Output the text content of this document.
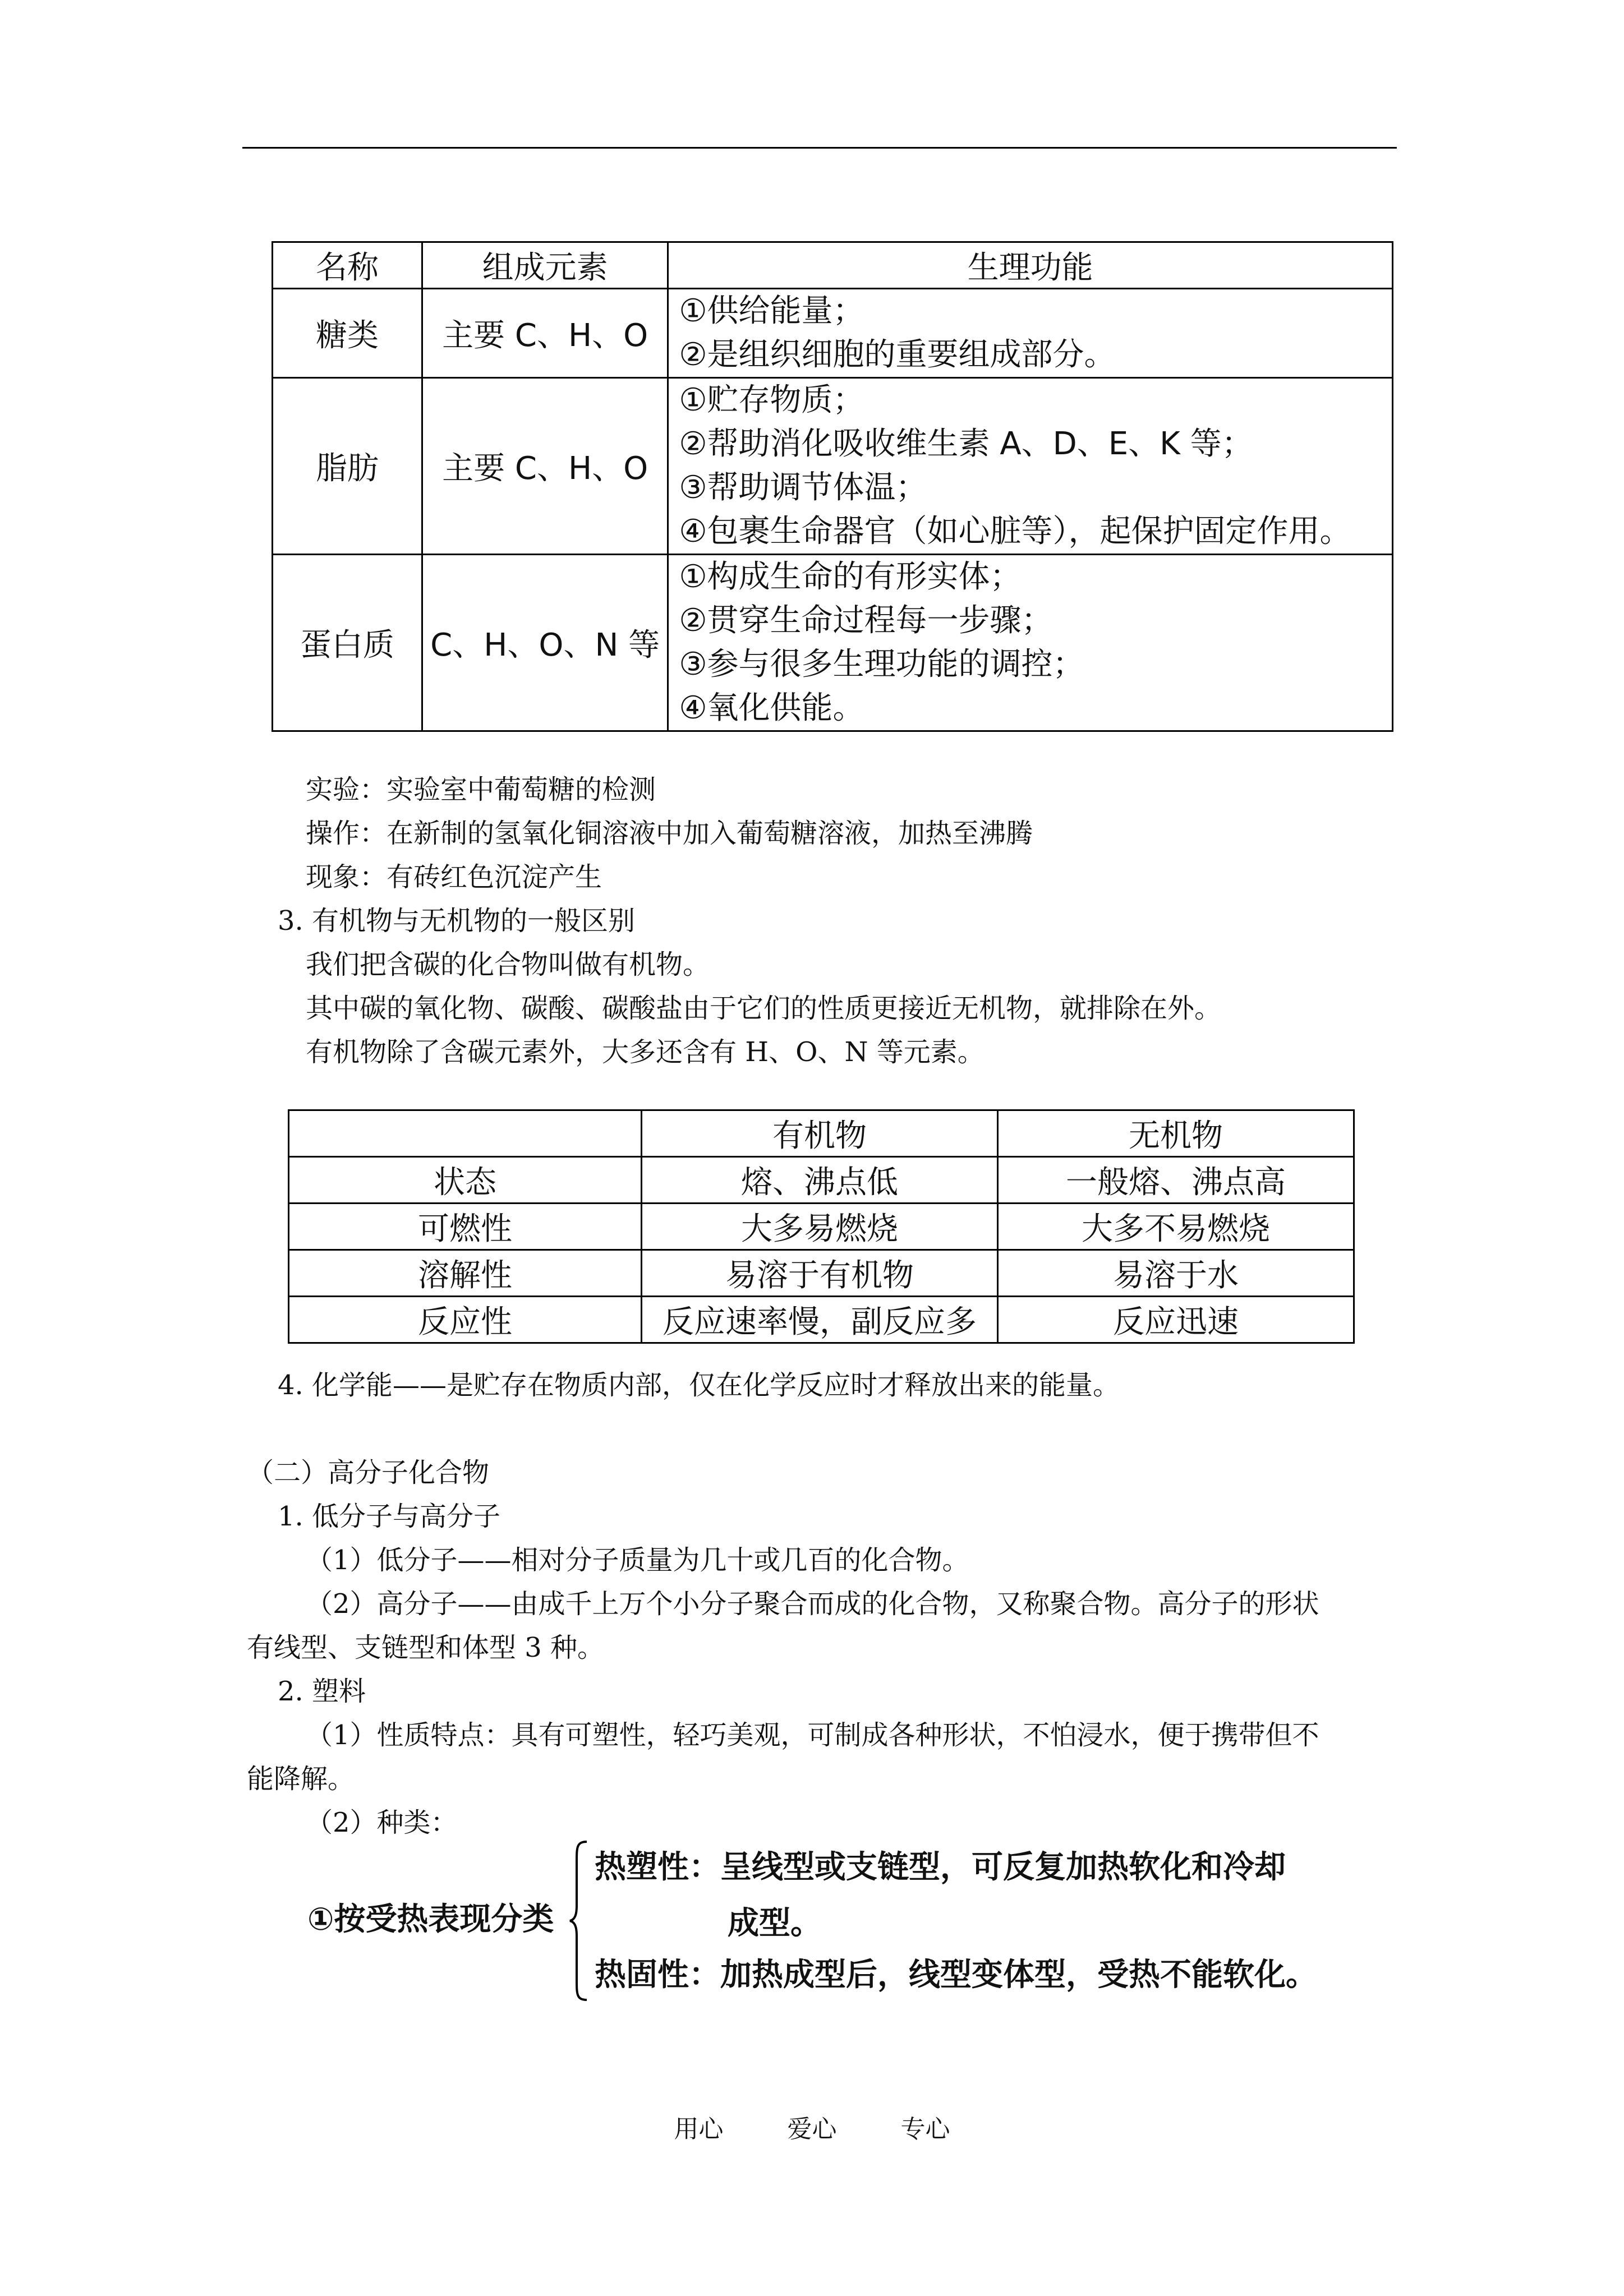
名称	组成元素	生理功能
糖类	主要 C、H、O	①供给能量；
②是组织细胞的重要组成部分。

脂肪	主要 C、H、O	①贮存物质；
②帮助消化吸收维生素 A、D、E、K 等；
③帮助调节体温；
④包裹生命器官（如心脏等），起保护固定作用。

蛋白质	C、H、O、N 等	①构成生命的有形实体；
②贯穿生命过程每一步骤；
③参与很多生理功能的调控；
④氧化供能。
实验：实验室中葡萄糖的检测
操作：在新制的氢氧化铜溶液中加入葡萄糖溶液，加热至沸腾
现象：有砖红色沉淀产生
3. 有机物与无机物的一般区别
我们把含碳的化合物叫做有机物。
其中碳的氧化物、碳酸、碳酸盐由于它们的性质更接近无机物，就排除在外。
有机物除了含碳元素外，大多还含有 H、O、N 等元素。
	有机物	无机物
状态	熔、沸点低	一般熔、沸点高
可燃性	大多易燃烧	大多不易燃烧
溶解性	易溶于有机物	易溶于水
反应性	反应速率慢，副反应多	反应迅速
4. 化学能——是贮存在物质内部，仅在化学反应时才释放出来的能量。
（二）高分子化合物
1. 低分子与高分子
（1）低分子——相对分子质量为几十或几百的化合物。
（2）高分子——由成千上万个小分子聚合而成的化合物，又称聚合物。高分子的形状
有线型、支链型和体型 3 种。
2. 塑料
（1）性质特点：具有可塑性，轻巧美观，可制成各种形状，不怕浸水，便于携带但不
能降解。
（2）种类：
①按受热表现分类
热塑性：呈线型或支链型，可反复加热软化和冷却
成型。
热固性：加热成型后，线型变体型，受热不能软化。
用心	爱心	专心
